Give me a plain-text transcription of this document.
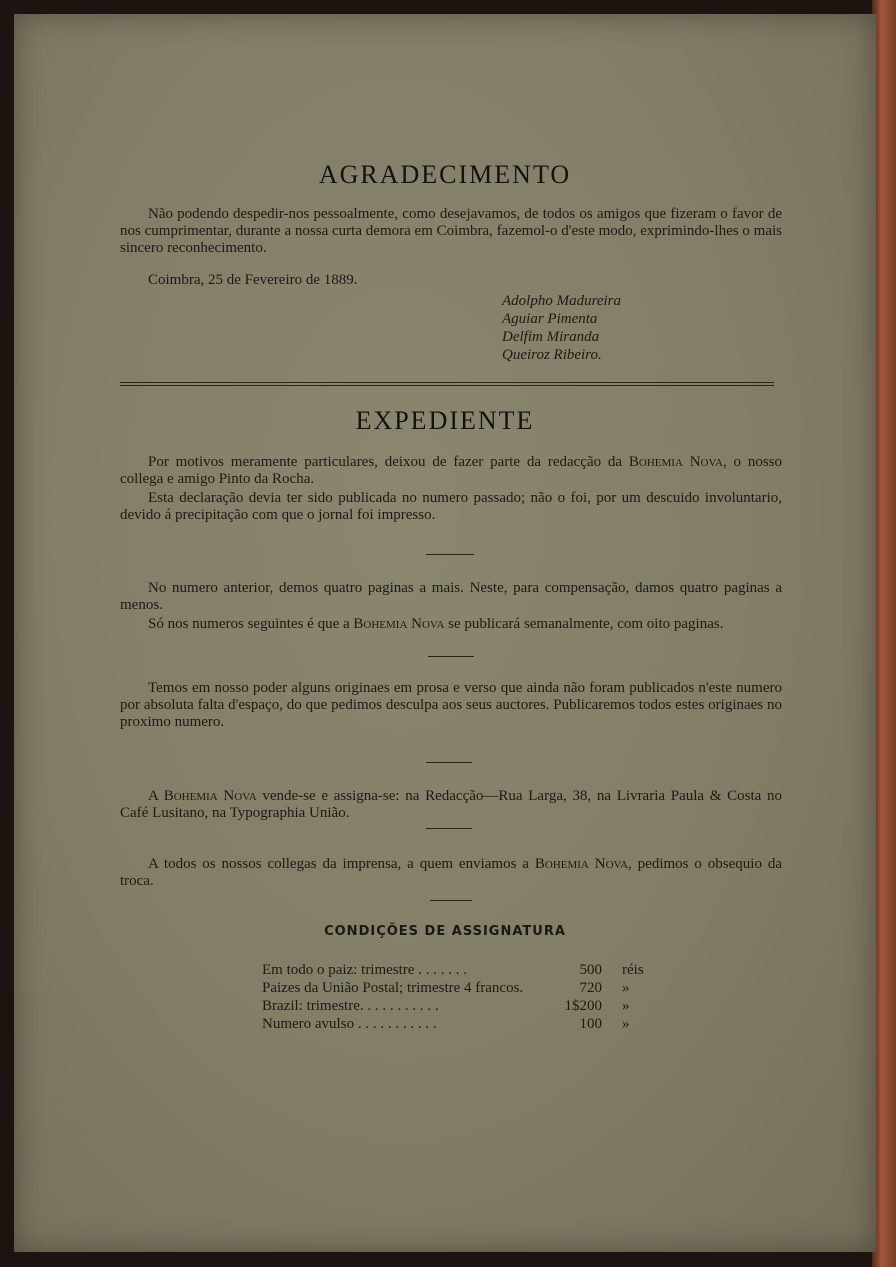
AGRADECIMENTO
Não podendo despedir-nos pessoalmente, como desejavamos, de todos os amigos que fizeram o favor de nos cumprimentar, durante a nossa curta demora em Coimbra, fazemol-o d'este modo, exprimindo-lhes o mais sincero reconhecimento.
Coimbra, 25 de Fevereiro de 1889.
Adolpho Madureira
Aguiar Pimenta
Delfim Miranda
Queiroz Ribeiro.
EXPEDIENTE
Por motivos meramente particulares, deixou de fazer parte da redacção da Bohemia Nova, o nosso collega e amigo Pinto da Rocha.
Esta declaração devia ter sido publicada no numero passado; não o foi, por um descuido involuntario, devido á precipitação com que o jornal foi impresso.
No numero anterior, demos quatro paginas a mais. Neste, para compensação, damos quatro paginas a menos.
Só nos numeros seguintes é que a Bohemia Nova se publicará semanalmente, com oito paginas.
Temos em nosso poder alguns originaes em prosa e verso que ainda não foram publicados n'este numero por absoluta falta d'espaço, do que pedimos desculpa aos seus auctores. Publicaremos todos estes originaes no proximo numero.
A Bohemia Nova vende-se e assigna-se: na Redacção—Rua Larga, 38, na Livraria Paula & Costa no Café Lusitano, na Typographia União.
A todos os nossos collegas da imprensa, a quem enviamos a Bohemia Nova, pedimos o obsequio da troca.
CONDIÇÕES DE ASSIGNATURA
Em todo o paiz: trimestre . . . . . . .	500 réis
Paizes da União Postal; trimestre 4 francos.	720 »
Brazil: trimestre. . . . . . . . . . .	1$200 »
Numero avulso . . . . . . . . . . .	100 »
